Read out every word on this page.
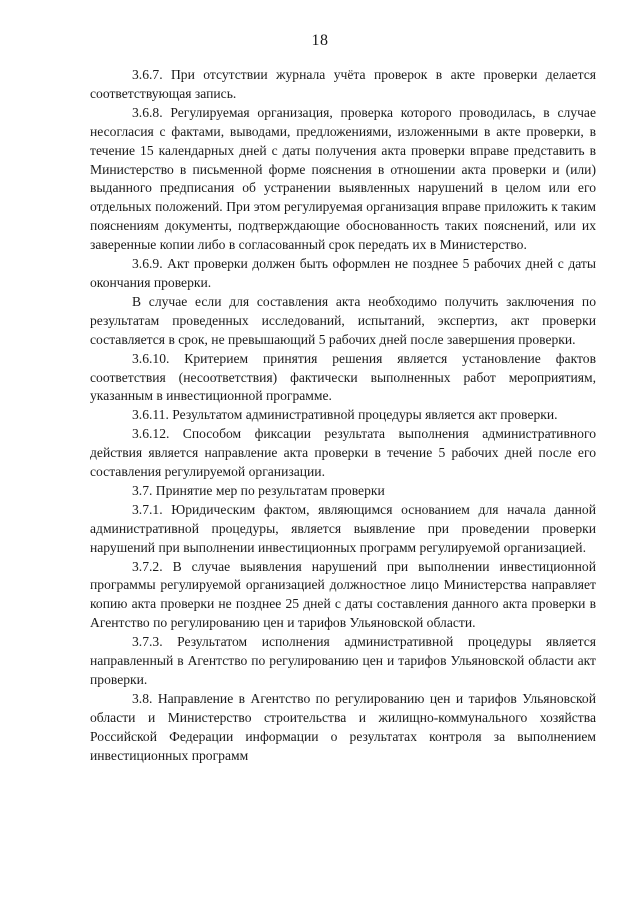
18

3.6.7. При отсутствии журнала учёта проверок в акте проверки делается соответствующая запись.

3.6.8. Регулируемая организация, проверка которого проводилась, в случае несогласия с фактами, выводами, предложениями, изложенными в акте проверки, в течение 15 календарных дней с даты получения акта проверки вправе представить в Министерство в письменной форме пояснения в отношении акта проверки и (или) выданного предписания об устранении выявленных нарушений в целом или его отдельных положений. При этом регулируемая организация вправе приложить к таким пояснениям документы, подтверждающие обоснованность таких пояснений, или их заверенные копии либо в согласованный срок передать их в Министерство.

3.6.9. Акт проверки должен быть оформлен не позднее 5 рабочих дней с даты окончания проверки.

В случае если для составления акта необходимо получить заключения по результатам проведенных исследований, испытаний, экспертиз, акт проверки составляется в срок, не превышающий 5 рабочих дней после завершения проверки.

3.6.10. Критерием принятия решения является установление фактов соответствия (несоответствия) фактически выполненных работ мероприятиям, указанным в инвестиционной программе.

3.6.11. Результатом административной процедуры является акт проверки.

3.6.12. Способом фиксации результата выполнения административного действия является направление акта проверки в течение 5 рабочих дней после его составления регулируемой организации.

3.7. Принятие мер по результатам проверки

3.7.1. Юридическим фактом, являющимся основанием для начала данной административной процедуры, является выявление при проведении проверки нарушений при выполнении инвестиционных программ регулируемой организацией.

3.7.2. В случае выявления нарушений при выполнении инвестиционной программы регулируемой организацией должностное лицо Министерства направляет копию акта проверки не позднее 25 дней с даты составления данного акта проверки в Агентство по регулированию цен и тарифов Ульяновской области.

3.7.3. Результатом исполнения административной процедуры является направленный в Агентство по регулированию цен и тарифов Ульяновской области акт проверки.

3.8. Направление в Агентство по регулированию цен и тарифов Ульяновской области и Министерство строительства и жилищно-коммунального хозяйства Российской Федерации информации о результатах контроля за выполнением инвестиционных программ
